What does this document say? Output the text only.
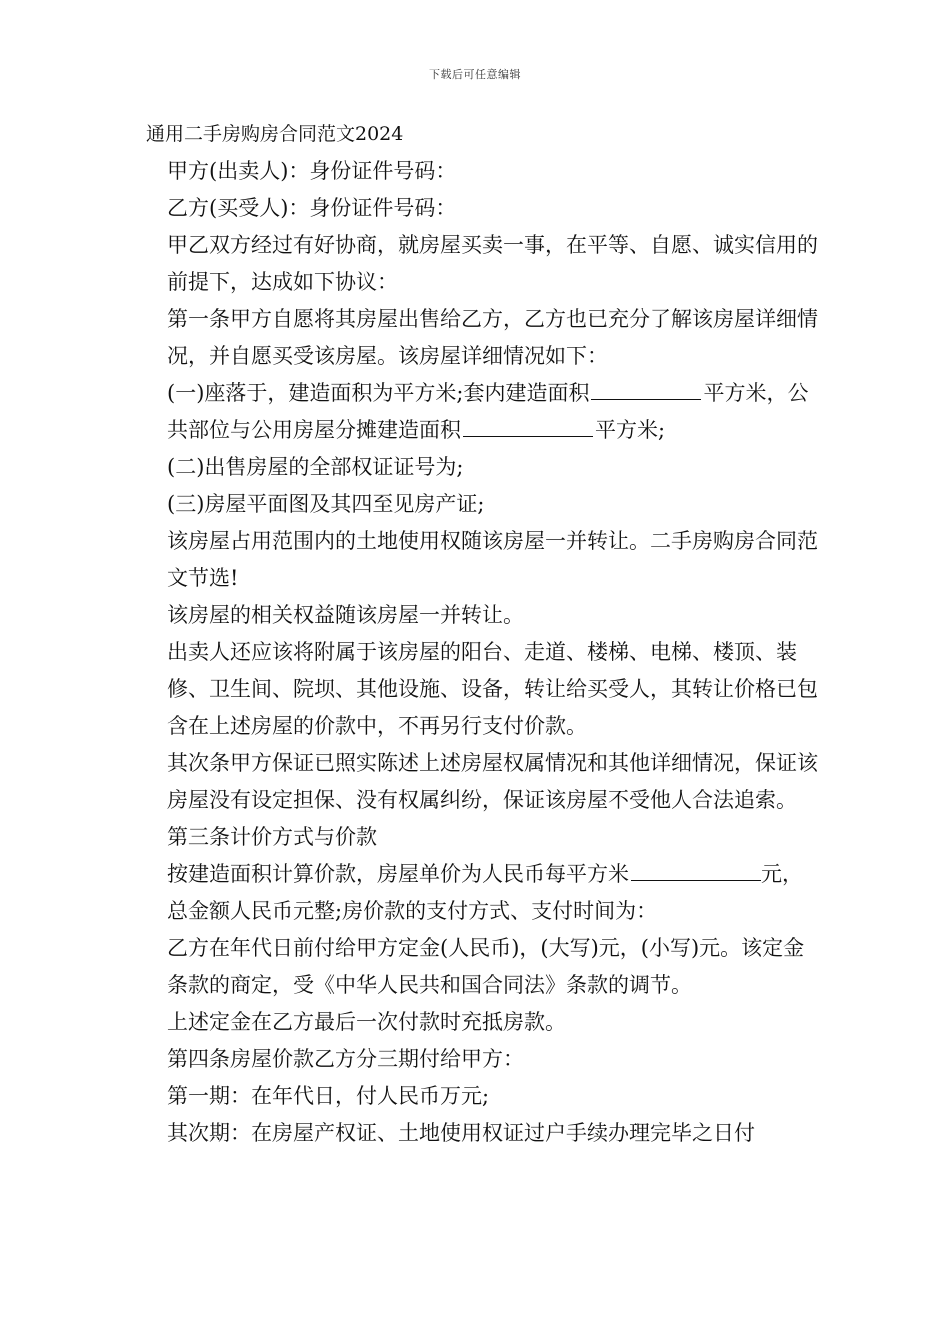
下载后可任意编辑

通用二手房购房合同范文2024

甲方(出卖人)：身份证件号码：

乙方(买受人)：身份证件号码：

甲乙双方经过有好协商，就房屋买卖一事，在平等、自愿、诚实信用的前提下，达成如下协议：

第一条甲方自愿将其房屋出售给乙方，乙方也已充分了解该房屋详细情况，并自愿买受该房屋。该房屋详细情况如下：

(一)座落于，建造面积为平方米;套内建造面积	平方米，公共部位与公用房屋分摊建造面积	平方米;

(二)出售房屋的全部权证证号为;

(三)房屋平面图及其四至见房产证;

该房屋占用范围内的土地使用权随该房屋一并转让。二手房购房合同范文节选!

该房屋的相关权益随该房屋一并转让。

出卖人还应该将附属于该房屋的阳台、走道、楼梯、电梯、楼顶、装修、卫生间、院坝、其他设施、设备，转让给买受人，其转让价格已包含在上述房屋的价款中，不再另行支付价款。

其次条甲方保证已照实陈述上述房屋权属情况和其他详细情况，保证该房屋没有设定担保、没有权属纠纷，保证该房屋不受他人合法追索。

第三条计价方式与价款

按建造面积计算价款，房屋单价为人民币每平方米	元，总金额人民币元整;房价款的支付方式、支付时间为：

乙方在年代日前付给甲方定金(人民币)，(大写)元，(小写)元。该定金条款的商定，受《中华人民共和国合同法》条款的调节。

上述定金在乙方最后一次付款时充抵房款。

第四条房屋价款乙方分三期付给甲方：

第一期：在年代日，付人民币万元;

其次期：在房屋产权证、土地使用权证过户手续办理完毕之日付
